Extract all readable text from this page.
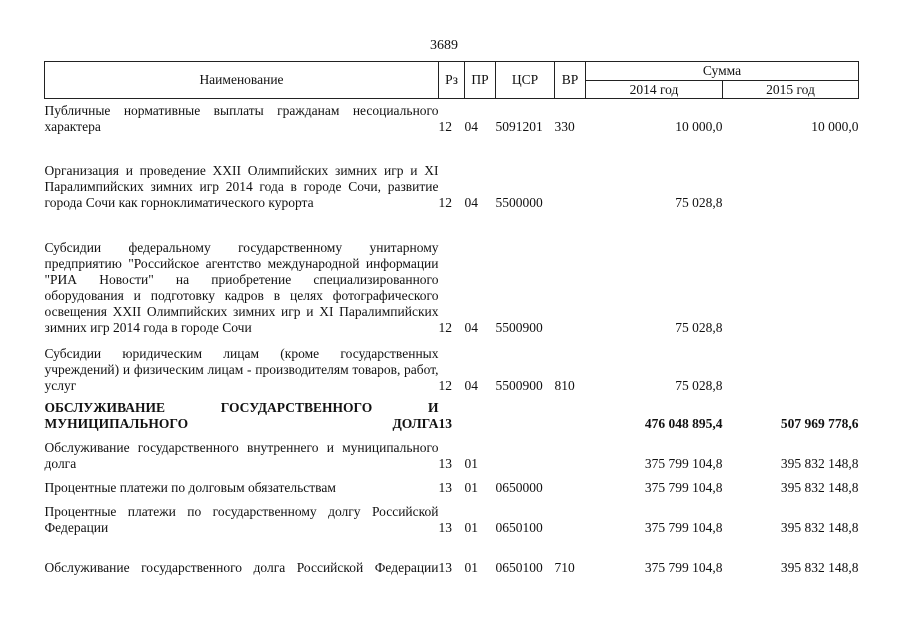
3689
Наименование	Рз	ПР	ЦСР	ВР	Сумма	
					2014 год	2015 год
Публичные нормативные выплаты гражданам несоциального характера	12	04	5091201	330	10 000,0	10 000,0
Организация и проведение XXII Олимпийских зимних игр и XI Паралимпийских зимних игр 2014 года в городе Сочи, развитие города Сочи как горноклиматического курорта	12	04	5500000		75 028,8	
Субсидии федеральному государственному унитарному предприятию "Российское агентство международной информации "РИА Новости" на приобретение специализированного оборудования и подготовку кадров в целях фотографического освещения XXII Олимпийских зимних игр и XI Паралимпийских зимних игр 2014 года в городе Сочи	12	04	5500900		75 028,8	
Субсидии юридическим лицам (кроме государственных учреждений) и физическим лицам - производителям товаров, работ, услуг	12	04	5500900	810	75 028,8	
ОБСЛУЖИВАНИЕ ГОСУДАРСТВЕННОГО И МУНИЦИПАЛЬНОГО ДОЛГА	13				476 048 895,4	507 969 778,6
Обслуживание государственного внутреннего и муниципального долга	13	01			375 799 104,8	395 832 148,8
Процентные платежи по долговым обязательствам	13	01	0650000		375 799 104,8	395 832 148,8
Процентные платежи по государственному долгу Российской Федерации	13	01	0650100		375 799 104,8	395 832 148,8
Обслуживание государственного долга Российской Федерации	13	01	0650100	710	375 799 104,8	395 832 148,8
